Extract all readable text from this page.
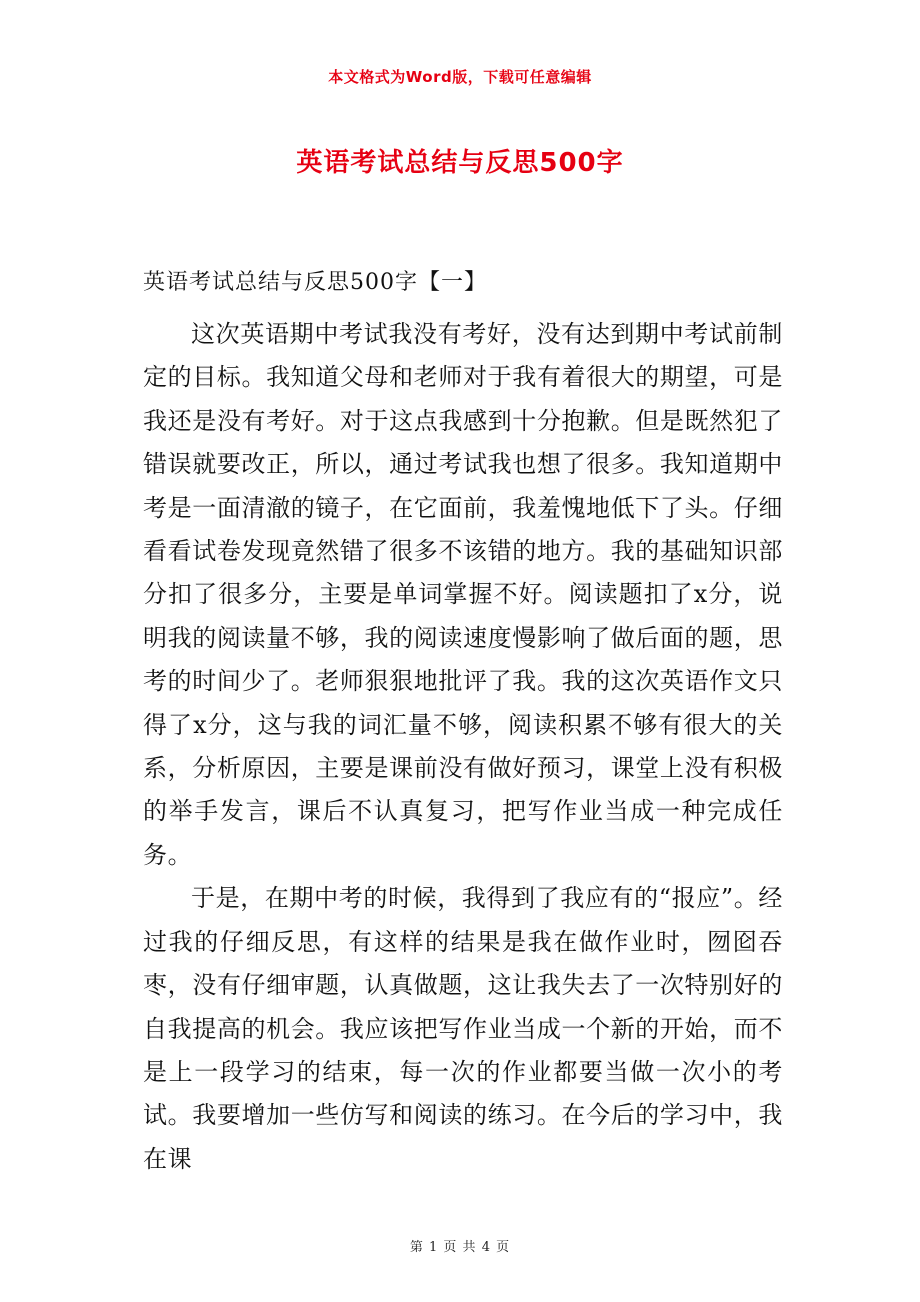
本文格式为Word版，下载可任意编辑
英语考试总结与反思500字
英语考试总结与反思500字【一】

这次英语期中考试我没有考好，没有达到期中考试前制定的目标。我知道父母和老师对于我有着很大的期望，可是我还是没有考好。对于这点我感到十分抱歉。但是既然犯了错误就要改正，所以，通过考试我也想了很多。我知道期中考是一面清澈的镜子，在它面前，我羞愧地低下了头。仔细看看试卷发现竟然错了很多不该错的地方。我的基础知识部分扣了很多分，主要是单词掌握不好。阅读题扣了x分，说明我的阅读量不够，我的阅读速度慢影响了做后面的题，思考的时间少了。老师狠狠地批评了我。我的这次英语作文只得了x分，这与我的词汇量不够，阅读积累不够有很大的关系，分析原因，主要是课前没有做好预习，课堂上没有积极的举手发言，课后不认真复习，把写作业当成一种完成任务。

于是，在期中考的时候，我得到了我应有的“报应”。经过我的仔细反思，有这样的结果是我在做作业时，囫囵吞枣，没有仔细审题，认真做题，这让我失去了一次特别好的自我提高的机会。我应该把写作业当成一个新的开始，而不是上一段学习的结束，每一次的作业都要当做一次小的考试。我要增加一些仿写和阅读的练习。在今后的学习中，我在课

第 1 页 共 4 页
